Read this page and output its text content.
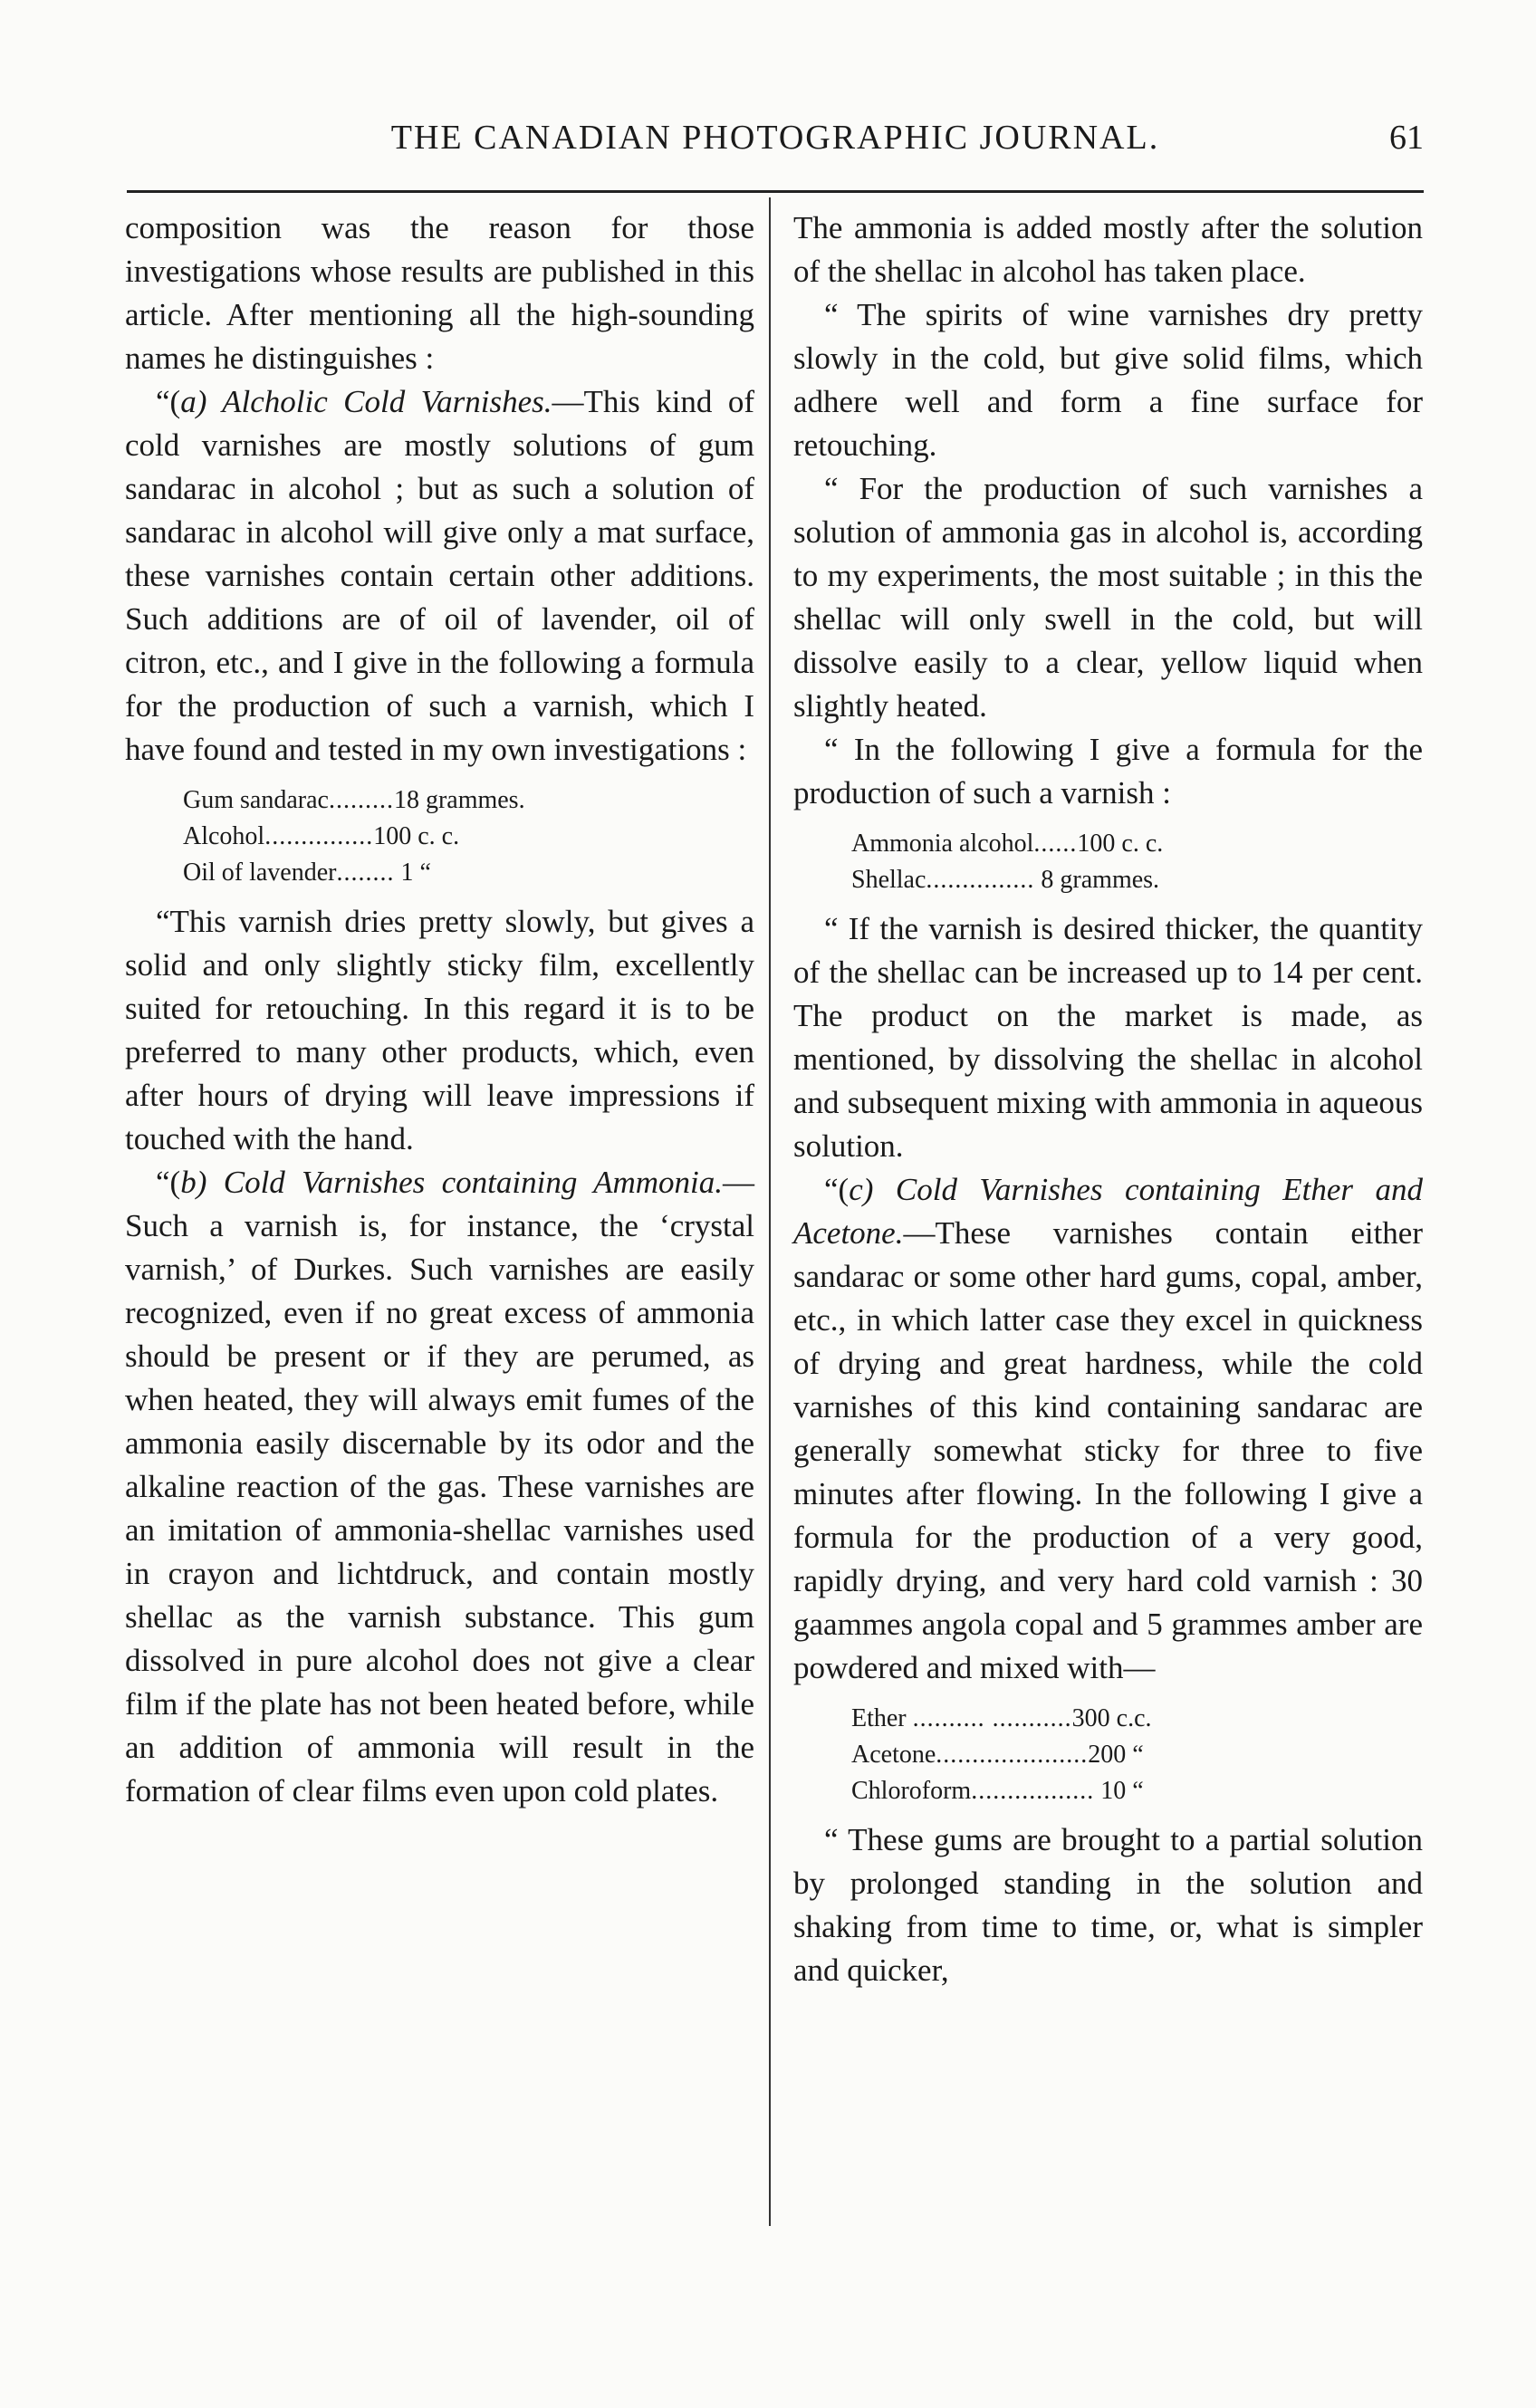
THE CANADIAN PHOTOGRAPHIC JOURNAL.	61

composition was the reason for those investigations whose results are published in this article. After mentioning all the high-sounding names he distinguishes :

“(a) Alcholic Cold Varnishes.—This kind of cold varnishes are mostly solutions of gum sandarac in alcohol ; but as such a solution of sandarac in alcohol will give only a mat surface, these varnishes contain certain other additions. Such additions are of oil of lavender, oil of citron, etc., and I give in the following a formula for the production of such a varnish, which I have found and tested in my own investigations :

Gum sandarac.........18 grammes.
Alcohol...............100 c. c.
Oil of lavender........ 1 “

“This varnish dries pretty slowly, but gives a solid and only slightly sticky film, excellently suited for retouching. In this regard it is to be preferred to many other products, which, even after hours of drying will leave impressions if touched with the hand.

“(b) Cold Varnishes containing Ammonia.—Such a varnish is, for instance, the ‘crystal varnish,’ of Durkes. Such varnishes are easily recognized, even if no great excess of ammonia should be present or if they are perumed, as when heated, they will always emit fumes of the ammonia easily discernable by its odor and the alkaline reaction of the gas. These varnishes are an imitation of ammonia-shellac varnishes used in crayon and lichtdruck, and contain mostly shellac as the varnish substance. This gum dissolved in pure alcohol does not give a clear film if the plate has not been heated before, while an addition of ammonia will result in the formation of clear films even upon cold plates.

The ammonia is added mostly after the solution of the shellac in alcohol has taken place.

“ The spirits of wine varnishes dry pretty slowly in the cold, but give solid films, which adhere well and form a fine surface for retouching.

“ For the production of such varnishes a solution of ammonia gas in alcohol is, according to my experiments, the most suitable ; in this the shellac will only swell in the cold, but will dissolve easily to a clear, yellow liquid when slightly heated.

“ In the following I give a formula for the production of such a varnish :

Ammonia alcohol......100 c. c.
Shellac............... 8 grammes.

“ If the varnish is desired thicker, the quantity of the shellac can be increased up to 14 per cent. The product on the market is made, as mentioned, by dissolving the shellac in alcohol and subsequent mixing with ammonia in aqueous solution.

“(c) Cold Varnishes containing Ether and Acetone.—These varnishes contain either sandarac or some other hard gums, copal, amber, etc., in which latter case they excel in quickness of drying and great hardness, while the cold varnishes of this kind containing sandarac are generally somewhat sticky for three to five minutes after flowing. In the following I give a formula for the production of a very good, rapidly drying, and very hard cold varnish : 30 gaammes angola copal and 5 grammes amber are powdered and mixed with—

Ether .......... ...........300 c.c.
Acetone.....................200 “
Chloroform................. 10 “

“ These gums are brought to a partial solution by prolonged standing in the solution and shaking from time to time, or, what is simpler and quicker,
